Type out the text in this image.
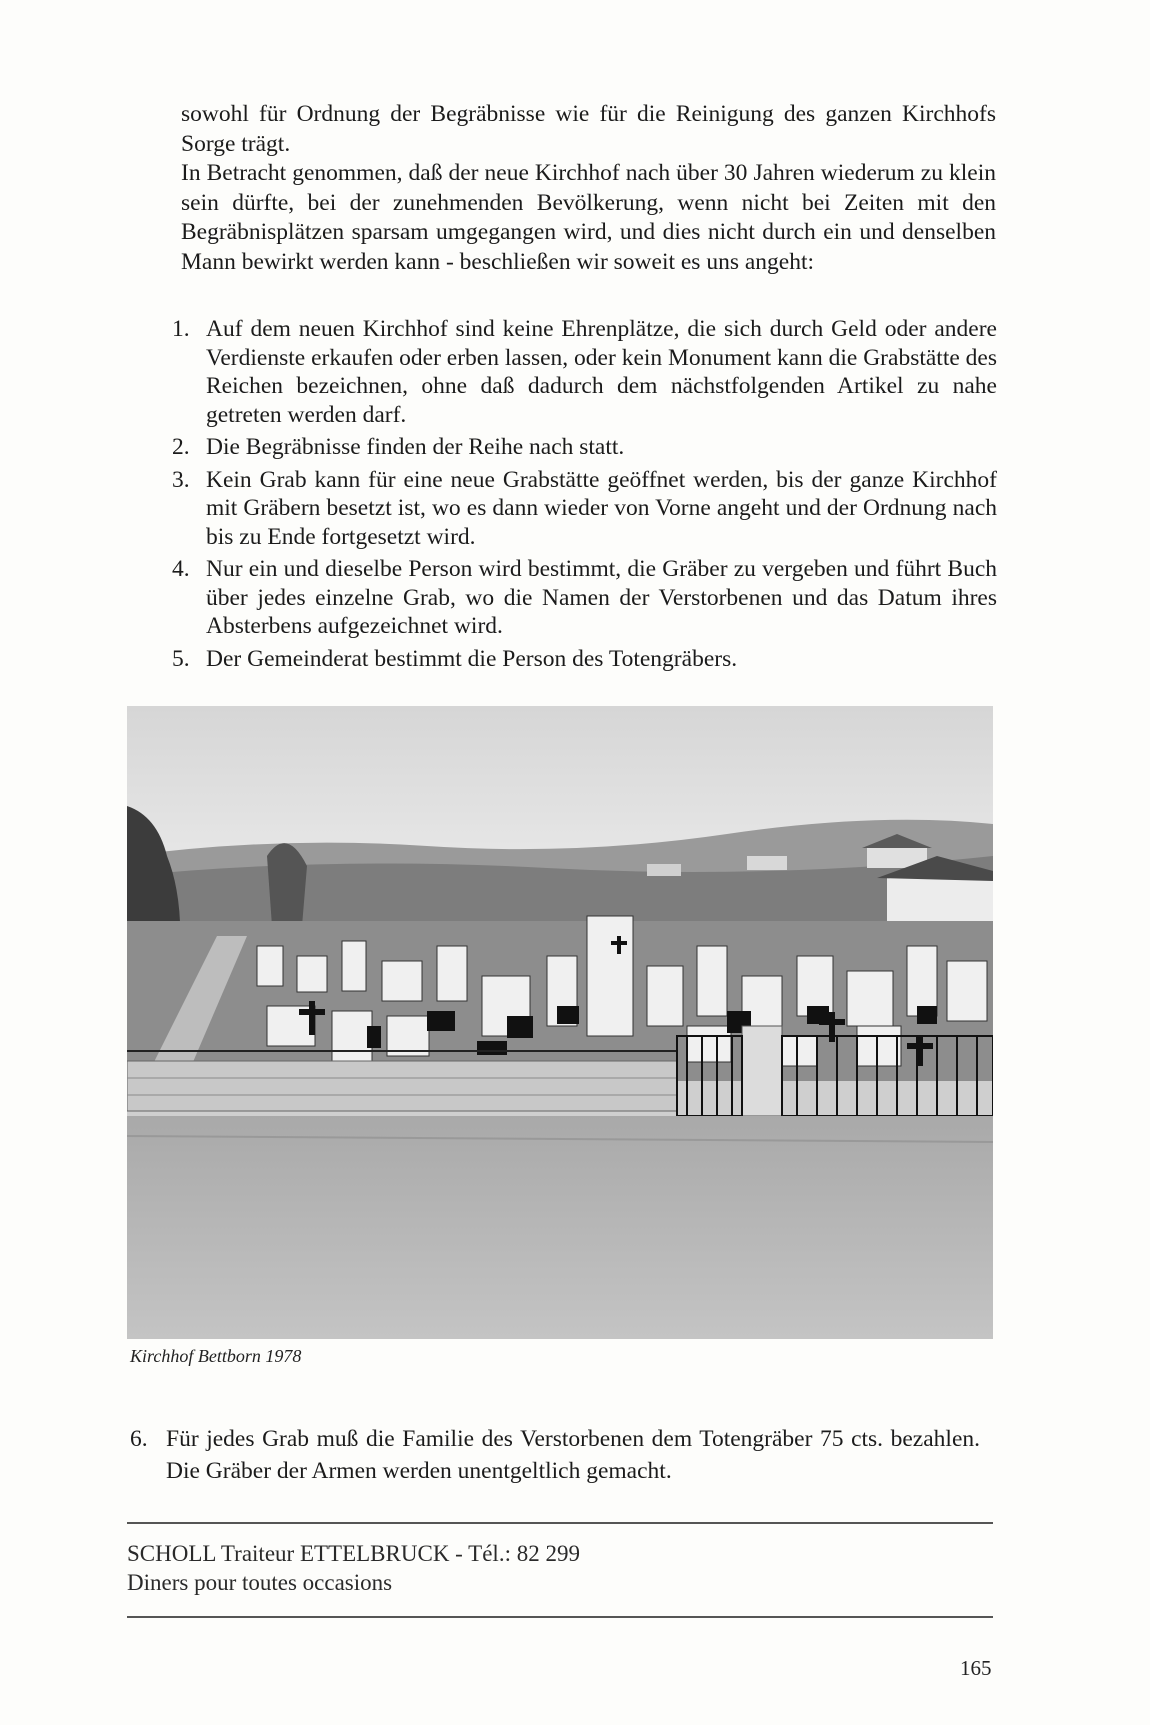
sowohl für Ordnung der Begräbnisse wie für die Reinigung des ganzen Kirchhofs Sorge trägt.

In Betracht genommen, daß der neue Kirchhof nach über 30 Jahren wiederum zu klein sein dürfte, bei der zunehmenden Bevölkerung, wenn nicht bei Zeiten mit den Begräbnisplätzen sparsam umgegangen wird, und dies nicht durch ein und denselben Mann bewirkt werden kann - beschließen wir soweit es uns angeht:

1. Auf dem neuen Kirchhof sind keine Ehrenplätze, die sich durch Geld oder andere Verdienste erkaufen oder erben lassen, oder kein Monument kann die Grabstätte des Reichen bezeichnen, ohne daß dadurch dem nächstfolgenden Artikel zu nahe getreten werden darf.
2. Die Begräbnisse finden der Reihe nach statt.
3. Kein Grab kann für eine neue Grabstätte geöffnet werden, bis der ganze Kirchhof mit Gräbern besetzt ist, wo es dann wieder von Vorne angeht und der Ordnung nach bis zu Ende fortgesetzt wird.
4. Nur ein und dieselbe Person wird bestimmt, die Gräber zu vergeben und führt Buch über jedes einzelne Grab, wo die Namen der Verstorbenen und das Datum ihres Absterbens aufgezeichnet wird.
5. Der Gemeinderat bestimmt die Person des Totengräbers.
Kirchhof Bettborn 1978
6. Für jedes Grab muß die Familie des Verstorbenen dem Totengräber 75 cts. bezahlen. Die Gräber der Armen werden unentgeltlich gemacht.
SCHOLL Traiteur ETTELBRUCK - Tél.: 82 299
Diners pour toutes occasions
165
